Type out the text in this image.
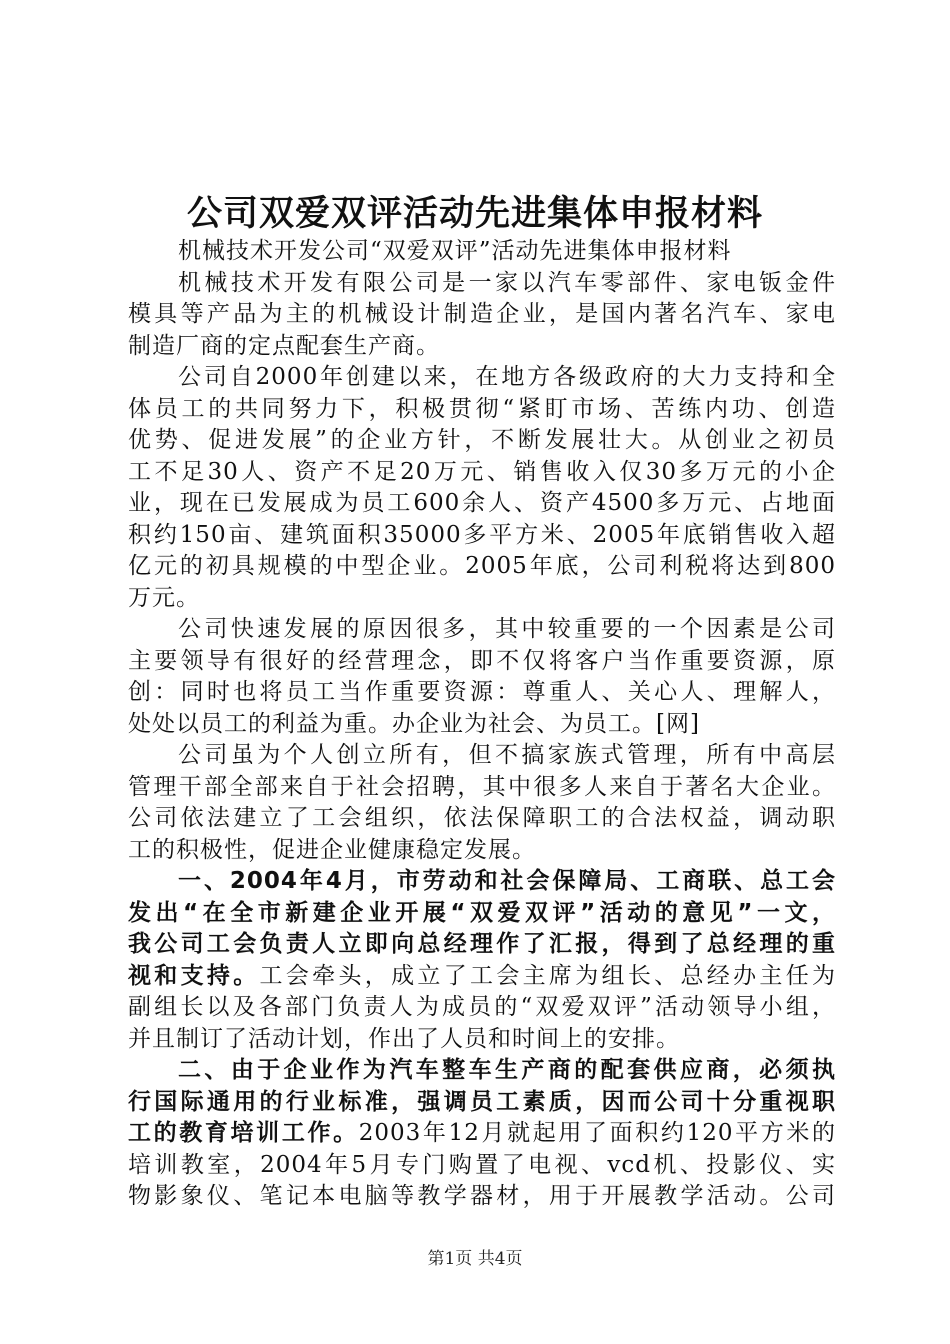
公司双爱双评活动先进集体申报材料
机械技术开发公司“双爱双评”活动先进集体申报材料
机械技术开发有限公司是一家以汽车零部件、家电钣金件
模具等产品为主的机械设计制造企业，是国内著名汽车、家电
制造厂商的定点配套生产商。
公司自2000年创建以来，在地方各级政府的大力支持和全
体员工的共同努力下，积极贯彻“紧盯市场、苦练内功、创造
优势、促进发展”的企业方针，不断发展壮大。从创业之初员
工不足30人、资产不足20万元、销售收入仅30多万元的小企
业，现在已发展成为员工600余人、资产4500多万元、占地面
积约150亩、建筑面积35000多平方米、2005年底销售收入超
亿元的初具规模的中型企业。2005年底，公司利税将达到800
万元。
公司快速发展的原因很多，其中较重要的一个因素是公司
主要领导有很好的经营理念，即不仅将客户当作重要资源，原
创：同时也将员工当作重要资源：尊重人、关心人、理解人，
处处以员工的利益为重。办企业为社会、为员工。[网]
公司虽为个人创立所有，但不搞家族式管理，所有中高层
管理干部全部来自于社会招聘，其中很多人来自于著名大企业。
公司依法建立了工会组织，依法保障职工的合法权益，调动职
工的积极性，促进企业健康稳定发展。
一、2004年4月，市劳动和社会保障局、工商联、总工会
发出“在全市新建企业开展“双爱双评”活动的意见”一文，
我公司工会负责人立即向总经理作了汇报，得到了总经理的重
视和支持。工会牵头，成立了工会主席为组长、总经办主任为
副组长以及各部门负责人为成员的“双爱双评”活动领导小组，
并且制订了活动计划，作出了人员和时间上的安排。
二、由于企业作为汽车整车生产商的配套供应商，必须执
行国际通用的行业标准，强调员工素质，因而公司十分重视职
工的教育培训工作。2003年12月就起用了面积约120平方米的
培训教室，2004年5月专门购置了电视、vcd机、投影仪、实
物影象仪、笔记本电脑等教学器材，用于开展教学活动。公司
第1页 共4页
